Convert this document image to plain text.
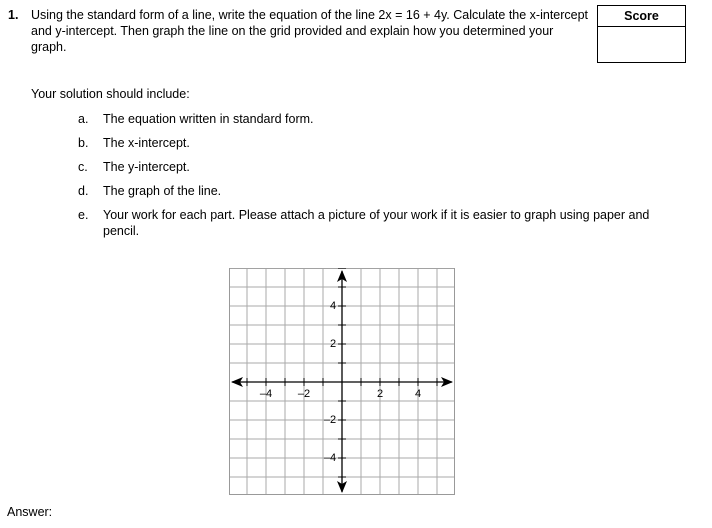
1. Using the standard form of a line, write the equation of the line 2x = 16 + 4y. Calculate the x-intercept and y-intercept. Then graph the line on the grid provided and explain how you determined your graph.
Score
Your solution should include:
a. The equation written in standard form.
b. The x-intercept.
c. The y-intercept.
d. The graph of the line.
e. Your work for each part. Please attach a picture of your work if it is easier to graph using paper and pencil.
–4 –2	2	4
4
2
–2
–4
Answer:
